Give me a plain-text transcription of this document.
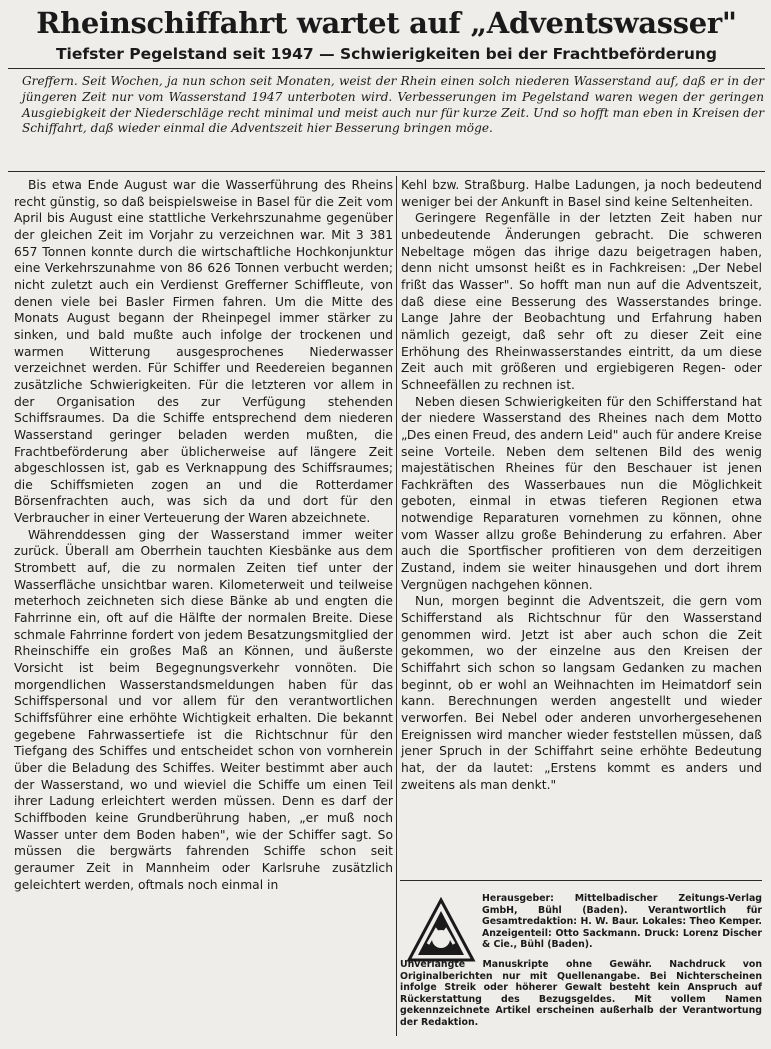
Rheinschiffahrt wartet auf „Adventswasser"
Tiefster Pegelstand seit 1947 — Schwierigkeiten bei der Frachtbeförderung

Greffern. Seit Wochen, ja nun schon seit Monaten, weist der Rhein einen solch niederen Wasserstand auf, daß er in der jüngeren Zeit nur vom Wasserstand 1947 unterboten wird. Verbesserungen im Pegelstand waren wegen der geringen Ausgiebigkeit der Niederschläge recht minimal und meist auch nur für kurze Zeit. Und so hofft man eben in Kreisen der Schiffahrt, daß wieder einmal die Adventszeit hier Besserung bringen möge.

Bis etwa Ende August war die Wasserführung des Rheins recht günstig, so daß beispielsweise in Basel für die Zeit vom April bis August eine stattliche Verkehrszunahme gegenüber der gleichen Zeit im Vorjahr zu verzeichnen war. Mit 3 381 657 Tonnen konnte durch die wirtschaftliche Hochkonjunktur eine Verkehrszunahme von 86 626 Tonnen verbucht werden; nicht zuletzt auch ein Verdienst Grefferner Schiffleute, von denen viele bei Basler Firmen fahren. Um die Mitte des Monats August begann der Rheinpegel immer stärker zu sinken, und bald mußte auch infolge der trockenen und warmen Witterung ausgesprochenes Niederwasser verzeichnet werden. Für Schiffer und Reedereien begannen zusätzliche Schwierigkeiten. Für die letzteren vor allem in der Organisation des zur Verfügung stehenden Schiffsraumes. Da die Schiffe entsprechend dem niederen Wasserstand geringer beladen werden mußten, die Frachtbeförderung aber üblicherweise auf längere Zeit abgeschlossen ist, gab es Verknappung des Schiffsraumes; die Schiffsmieten zogen an und die Rotterdamer Börsenfrachten auch, was sich da und dort für den Verbraucher in einer Verteuerung der Waren abzeichnete.

Währenddessen ging der Wasserstand immer weiter zurück. Überall am Oberrhein tauchten Kiesbänke aus dem Strombett auf, die zu normalen Zeiten tief unter der Wasserfläche unsichtbar waren. Kilometerweit und teilweise meterhoch zeichneten sich diese Bänke ab und engten die Fahrrinne ein, oft auf die Hälfte der normalen Breite. Diese schmale Fahrrinne fordert von jedem Besatzungsmitglied der Rheinschiffe ein großes Maß an Können, und äußerste Vorsicht ist beim Begegnungsverkehr vonnöten. Die morgendlichen Wasserstandsmeldungen haben für das Schiffspersonal und vor allem für den verantwortlichen Schiffsführer eine erhöhte Wichtigkeit erhalten. Die bekannt gegebene Fahrwassertiefe ist die Richtschnur für den Tiefgang des Schiffes und entscheidet schon von vornherein über die Beladung des Schiffes. Weiter bestimmt aber auch der Wasserstand, wo und wieviel die Schiffe um einen Teil ihrer Ladung erleichtert werden müssen. Denn es darf der Schiffboden keine Grundberührung haben, „er muß noch Wasser unter dem Boden haben", wie der Schiffer sagt. So müssen die bergwärts fahrenden Schiffe schon seit geraumer Zeit in Mannheim oder Karlsruhe zusätzlich geleichtert werden, oftmals noch einmal in

Kehl bzw. Straßburg. Halbe Ladungen, ja noch bedeutend weniger bei der Ankunft in Basel sind keine Seltenheiten.

Geringere Regenfälle in der letzten Zeit haben nur unbedeutende Änderungen gebracht. Die schweren Nebeltage mögen das ihrige dazu beigetragen haben, denn nicht umsonst heißt es in Fachkreisen: „Der Nebel frißt das Wasser". So hofft man nun auf die Adventszeit, daß diese eine Besserung des Wasserstandes bringe. Lange Jahre der Beobachtung und Erfahrung haben nämlich gezeigt, daß sehr oft zu dieser Zeit eine Erhöhung des Rheinwasserstandes eintritt, da um diese Zeit auch mit größeren und ergiebigeren Regen- oder Schneefällen zu rechnen ist.

Neben diesen Schwierigkeiten für den Schifferstand hat der niedere Wasserstand des Rheines nach dem Motto „Des einen Freud, des andern Leid" auch für andere Kreise seine Vorteile. Neben dem seltenen Bild des wenig majestätischen Rheines für den Beschauer ist jenen Fachkräften des Wasserbaues nun die Möglichkeit geboten, einmal in etwas tieferen Regionen etwa notwendige Reparaturen vornehmen zu können, ohne vom Wasser allzu große Behinderung zu erfahren. Aber auch die Sportfischer profitieren von dem derzeitigen Zustand, indem sie weiter hinausgehen und dort ihrem Vergnügen nachgehen können.

Nun, morgen beginnt die Adventszeit, die gern vom Schifferstand als Richtschnur für den Wasserstand genommen wird. Jetzt ist aber auch schon die Zeit gekommen, wo der einzelne aus den Kreisen der Schiffahrt sich schon so langsam Gedanken zu machen beginnt, ob er wohl an Weihnachten im Heimatdorf sein kann. Berechnungen werden angestellt und wieder verworfen. Bei Nebel oder anderen unvorhergesehenen Ereignissen wird mancher wieder feststellen müssen, daß jener Spruch in der Schiffahrt seine erhöhte Bedeutung hat, der da lautet: „Erstens kommt es anders und zweitens als man denkt."

Herausgeber: Mittelbadischer Zeitungs-Verlag GmbH, Bühl (Baden). Verantwortlich für Gesamtredaktion: H. W. Baur. Lokales: Theo Kemper. Anzeigenteil: Otto Sackmann. Druck: Lorenz Discher & Cie., Bühl (Baden).

Unverlangte Manuskripte ohne Gewähr. Nachdruck von Originalberichten nur mit Quellenangabe. Bei Nichterscheinen infolge Streik oder höherer Gewalt besteht kein Anspruch auf Rückerstattung des Bezugsgeldes. Mit vollem Namen gekennzeichnete Artikel erscheinen außerhalb der Verantwortung der Redaktion.
